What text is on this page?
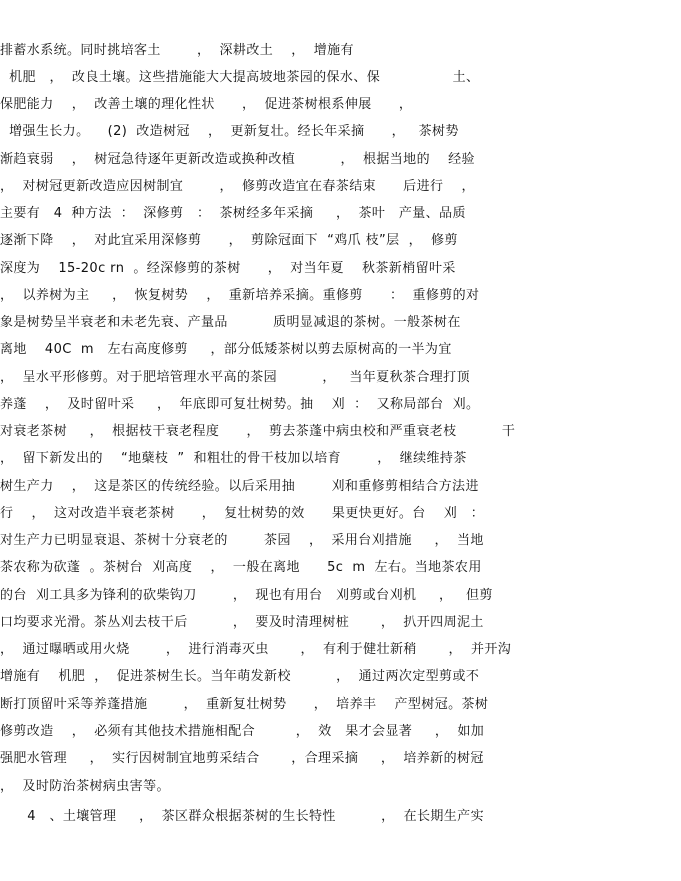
排蓄水系统。同时挑培客土        ，  深耕改土    ，  增施有
机肥   ，  改良土壤。这些措施能大大提高坡地茶园的保水、保                土、
保肥能力    ，  改善土壤的理化性状      ，  促进茶树根系伸展      ，
增强生长力。    (2)  改造树冠    ，  更新复壮。经长年采摘      ，   茶树势
渐趋衰弱    ，  树冠急待逐年更新改造或换种改植          ，  根据当地的    经验
，  对树冠更新改造应因树制宜        ，  修剪改造宜在春茶结束      后进行    ，
主要有   4  种方法  ：  深修剪   ：  茶树经多年采摘     ，  茶叶   产量、品质
逐渐下降    ，  对此宜采用深修剪      ，  剪除冠面下  “鸡爪 枝”层  ，  修剪
深度为    15-20c rn  。经深修剪的茶树      ，  对当年夏    秋茶新梢留叶采
，  以养树为主     ，  恢复树势    ，  重新培养采摘。重修剪      ：  重修剪的对
象是树势呈半衰老和未老先衰、产量品          质明显减退的茶树。一般茶树在
离地    40C  m   左右高度修剪     ，部分低矮茶树以剪去原树高的一半为宜
，  呈水平形修剪。对于肥培管理水平高的茶园          ，   当年夏秋茶合理打顶
养蓬    ，  及时留叶采     ，  年底即可复壮树势。抽    刈  ：  又称局部台  刈。
对衰老茶树     ，  根据枝干衰老程度      ，  剪去茶蓬中病虫校和严重衰老枝          干
，  留下新发出的    “地蘖枝  ”  和粗壮的骨干枝加以培育        ，  继续维持茶
树生产力    ，  这是茶区的传统经验。以后采用抽        刈和重修剪相结合方法进
行    ，  这对改造半衰老茶树      ，  复壮树势的效      果更快更好。台    刈   ：
对生产力已明显衰退、茶树十分衰老的        茶园    ，  采用台刈措施     ，  当地
茶农称为砍蓬  。茶树台  刈高度    ，  一般在离地      5c  m  左右。当地茶农用
的台  刈工具多为锋利的砍柴钩刀        ，  现也有用台   刈剪或台刈机     ，   但剪
口均要求光滑。茶丛刈去枝干后          ，  要及时清理树桩       ，  扒开四周泥土
，  通过曝晒或用火烧        ，  进行消毒灭虫       ，  有利于健壮新稍       ，  并开沟
增施有    机肥  ，  促进茶树生长。当年萌发新校          ，  通过两次定型剪或不
断打顶留叶采等养蓬措施        ，  重新复壮树势      ，  培养丰    产型树冠。茶树
修剪改造    ，  必须有其他技术措施相配合         ，  效   果才会显著     ，  如加
强肥水管理     ，  实行因树制宜地剪采结合       ，合理采摘     ，  培养新的树冠
，  及时防治茶树病虫害等。
4   、土壤管理     ，  茶区群众根据茶树的生长特性          ，  在长期生产实
